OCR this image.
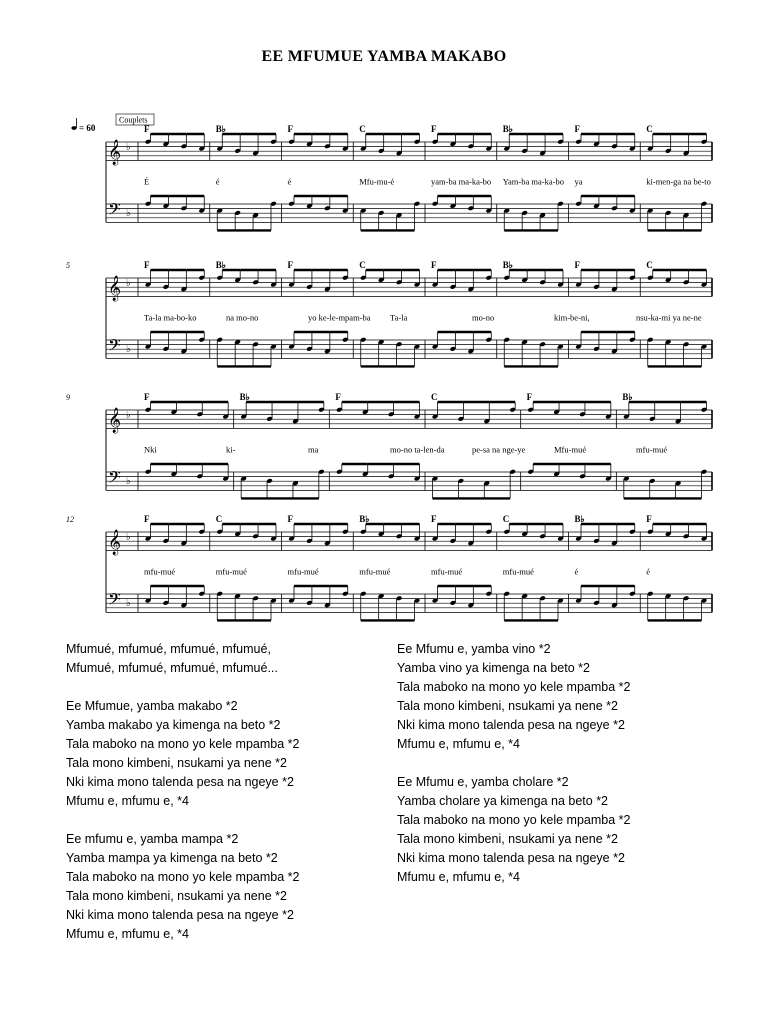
EE MFUMUE YAMBA MAKABO
𝄞
𝄢
♭
♭
F	B♭	F	C	F	B♭	F	C
É	é	é	Mfu-mu-é	yam-ba ma-ka-bo Yam-ba ma-ka-bo ya	ki-men-ga na be-to
Couplets
= 60
𝄞
𝄢
♭
♭
F	B♭	F	C	F	B♭	F	C
Ta-la ma-bo-ko	na mo-no	yo ke-le-mpam-ba Ta-la	mo-no	kim-be-ni,	nsu-ka-mi ya ne-ne
5
𝄞
𝄢
♭
♭
F	B♭	F	C	F	B♭
Nki	ki-	ma	mo-no ta-len-da	pe-sa na nge-ye	Mfu-mué	mfu-mué
9
𝄞
𝄢
♭
♭
F	C	F	B♭	F	C	B♭	F
mfu-mué	mfu-mué	mfu-mué	mfu-mué	mfu-mué	mfu-mué	é	é
12
Mfumué, mfumué, mfumué, mfumué,
Mfumué, mfumué, mfumué, mfumué...
Ee Mfumue, yamba makabo *2
Yamba makabo ya kimenga na beto *2
Tala maboko na mono yo kele mpamba *2
Tala mono kimbeni, nsukami ya nene *2
Nki kima mono talenda pesa na ngeye *2
Mfumu e, mfumu e, *4
Ee mfumu e, yamba mampa *2
Yamba mampa ya kimenga na beto *2
Tala maboko na mono yo kele mpamba *2
Tala mono kimbeni, nsukami ya nene *2
Nki kima mono talenda pesa na ngeye *2
Mfumu e, mfumu e, *4
Ee Mfumu e, yamba vino *2
Yamba vino ya kimenga na beto *2
Tala maboko na mono yo kele mpamba *2
Tala mono kimbeni, nsukami ya nene *2
Nki kima mono talenda pesa na ngeye *2
Mfumu e, mfumu e, *4
Ee Mfumu e, yamba cholare *2
Yamba cholare ya kimenga na beto *2
Tala maboko na mono yo kele mpamba *2
Tala mono kimbeni, nsukami ya nene *2
Nki kima mono talenda pesa na ngeye *2
Mfumu e, mfumu e, *4
